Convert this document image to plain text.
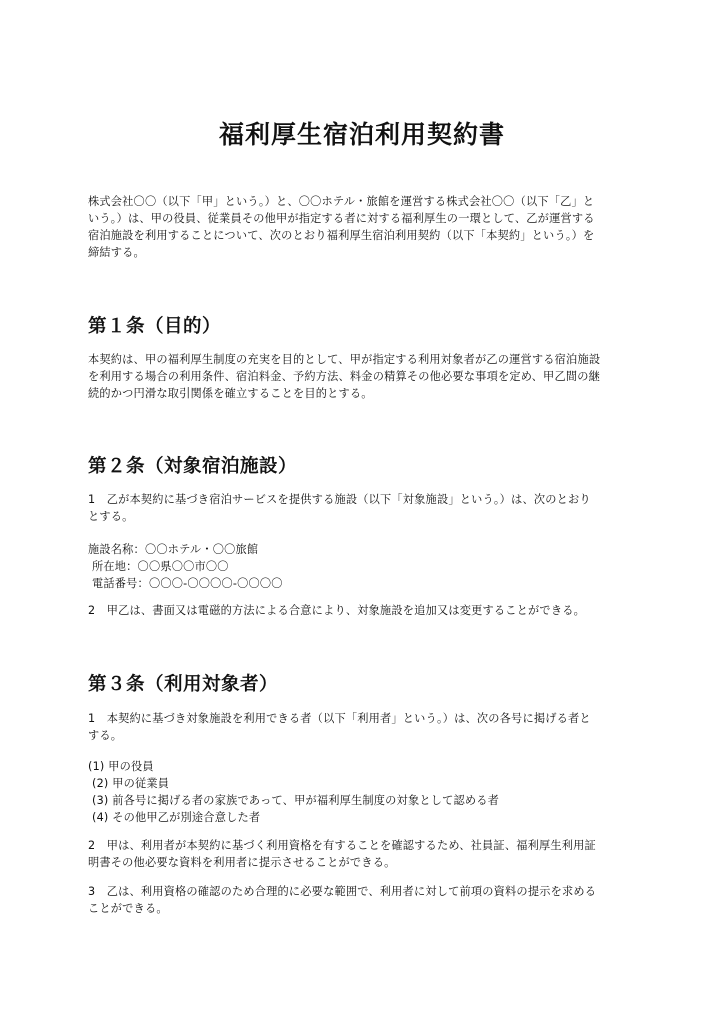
福利厚生宿泊利用契約書
株式会社〇〇（以下「甲」という。）と、〇〇ホテル・旅館を運営する株式会社〇〇（以下「乙」と
いう。）は、甲の役員、従業員その他甲が指定する者に対する福利厚生の一環として、乙が運営する
宿泊施設を利用することについて、次のとおり福利厚生宿泊利用契約（以下「本契約」という。）を
締結する。
第１条（目的）
本契約は、甲の福利厚生制度の充実を目的として、甲が指定する利用対象者が乙の運営する宿泊施設
を利用する場合の利用条件、宿泊料金、予約方法、料金の精算その他必要な事項を定め、甲乙間の継
続的かつ円滑な取引関係を確立することを目的とする。
第２条（対象宿泊施設）
1　乙が本契約に基づき宿泊サービスを提供する施設（以下「対象施設」という。）は、次のとおり
とする。
施設名称：〇〇ホテル・〇〇旅館
所在地：〇〇県〇〇市〇〇
電話番号：〇〇〇-〇〇〇〇-〇〇〇〇
2　甲乙は、書面又は電磁的方法による合意により、対象施設を追加又は変更することができる。
第３条（利用対象者）
1　本契約に基づき対象施設を利用できる者（以下「利用者」という。）は、次の各号に掲げる者と
する。
(1) 甲の役員
(2) 甲の従業員
(3) 前各号に掲げる者の家族であって、甲が福利厚生制度の対象として認める者
(4) その他甲乙が別途合意した者
2　甲は、利用者が本契約に基づく利用資格を有することを確認するため、社員証、福利厚生利用証
明書その他必要な資料を利用者に提示させることができる。
3　乙は、利用資格の確認のため合理的に必要な範囲で、利用者に対して前項の資料の提示を求める
ことができる。
